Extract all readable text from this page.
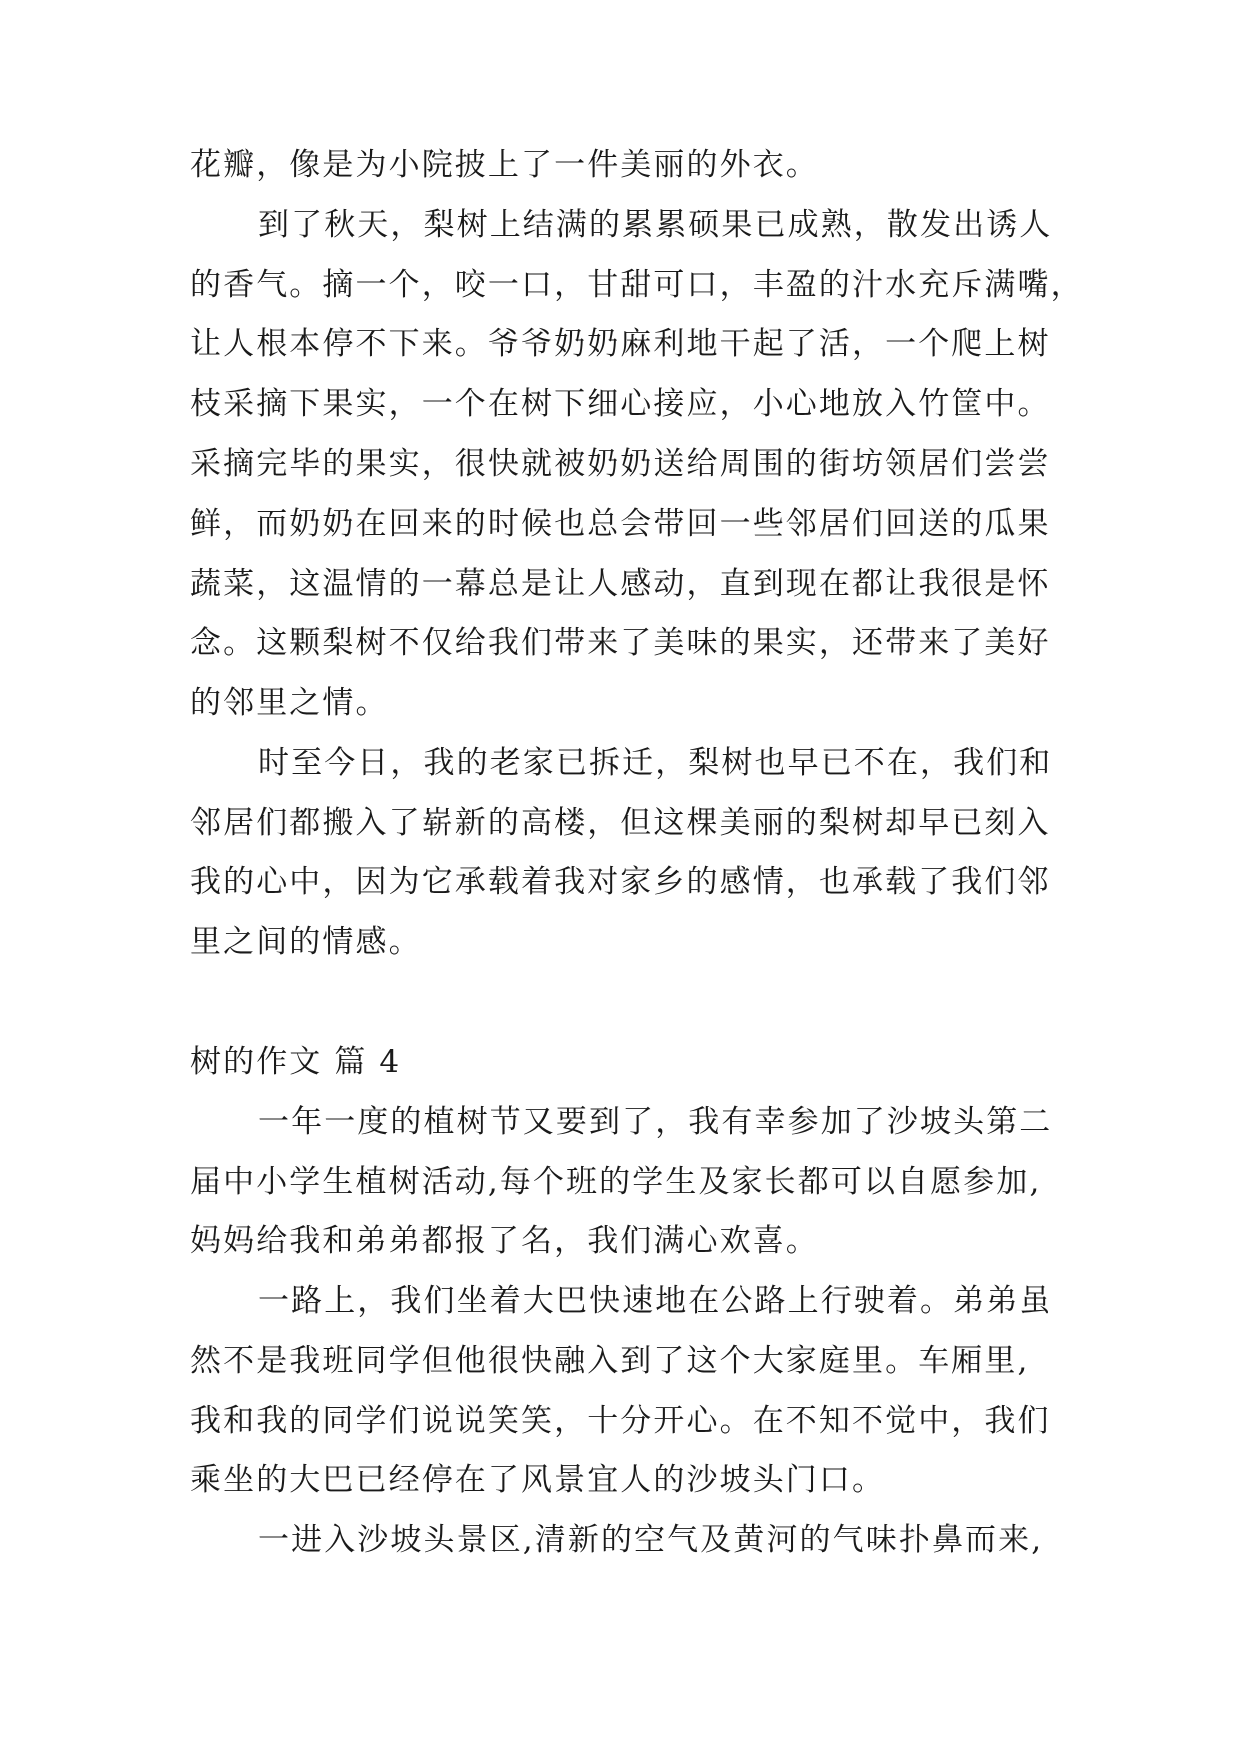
花瓣，像是为小院披上了一件美丽的外衣。
到了秋天，梨树上结满的累累硕果已成熟，散发出诱人
的香气。摘一个，咬一口，甘甜可口，丰盈的汁水充斥满嘴，
让人根本停不下来。爷爷奶奶麻利地干起了活，一个爬上树
枝采摘下果实，一个在树下细心接应，小心地放入竹筐中。
采摘完毕的果实，很快就被奶奶送给周围的街坊领居们尝尝
鲜，而奶奶在回来的时候也总会带回一些邻居们回送的瓜果
蔬菜，这温情的一幕总是让人感动，直到现在都让我很是怀
念。这颗梨树不仅给我们带来了美味的果实，还带来了美好
的邻里之情。
时至今日，我的老家已拆迁，梨树也早已不在，我们和
邻居们都搬入了崭新的高楼，但这棵美丽的梨树却早已刻入
我的心中，因为它承载着我对家乡的感情，也承载了我们邻
里之间的情感。
树的作文 篇 4
一年一度的植树节又要到了，我有幸参加了沙坡头第二
届中小学生植树活动,每个班的学生及家长都可以自愿参加,
妈妈给我和弟弟都报了名，我们满心欢喜。
一路上，我们坐着大巴快速地在公路上行驶着。弟弟虽
然不是我班同学但他很快融入到了这个大家庭里。车厢里,
我和我的同学们说说笑笑，十分开心。在不知不觉中，我们
乘坐的大巴已经停在了风景宜人的沙坡头门口。
一进入沙坡头景区,清新的空气及黄河的气味扑鼻而来,
